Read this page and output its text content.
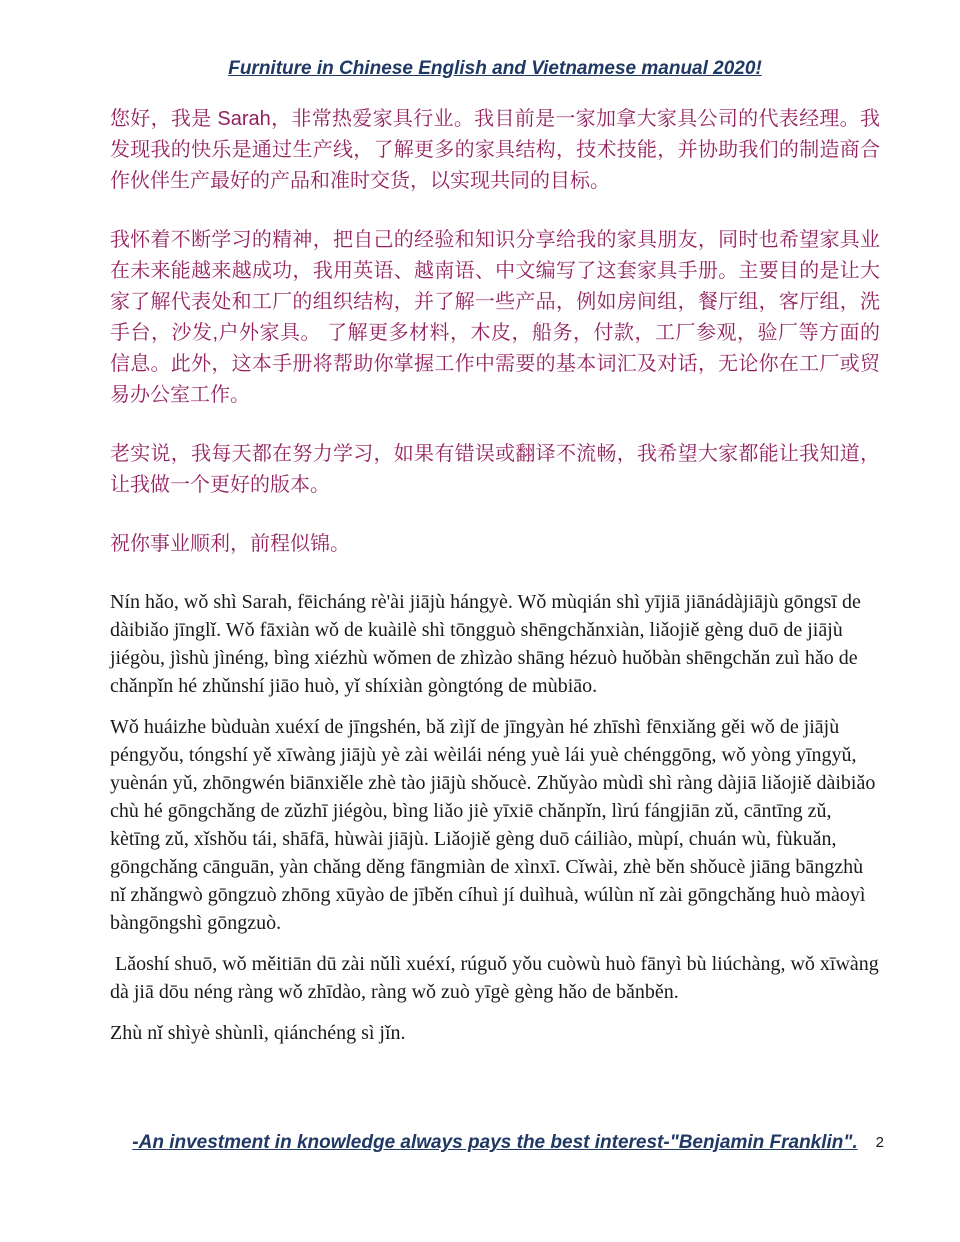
Furniture in Chinese English and Vietnamese manual 2020!

您好，我是 Sarah，非常热爱家具行业。我目前是一家加拿大家具公司的代表经理。我发现我的快乐是通过生产线，了解更多的家具结构，技术技能，并协助我们的制造商合作伙伴生产最好的产品和准时交货，以实现共同的目标。

我怀着不断学习的精神，把自己的经验和知识分享给我的家具朋友，同时也希望家具业在未来能越来越成功，我用英语、越南语、中文编写了这套家具手册。主要目的是让大家了解代表处和工厂的组织结构，并了解一些产品，例如房间组，餐厅组，客厅组，洗手台，沙发,户外家具。 了解更多材料，木皮，船务，付款，工厂参观，验厂等方面的信息。此外，这本手册将帮助你掌握工作中需要的基本词汇及对话，无论你在工厂或贸易办公室工作。

老实说，我每天都在努力学习，如果有错误或翻译不流畅，我希望大家都能让我知道，让我做一个更好的版本。

祝你事业顺利，前程似锦。

Nín hǎo, wǒ shì Sarah, fēicháng rè'ài jiājù hángyè. Wǒ mùqián shì yījiā jiānádàjiājù gōngsī de dàibiǎo jīnglǐ. Wǒ fāxiàn wǒ de kuàilè shì tōngguò shēngchǎnxiàn, liǎojiě gèng duō de jiājù jiégòu, jìshù jìnéng, bìng xiézhù wǒmen de zhìzào shāng hézuò huǒbàn shēngchǎn zuì hǎo de chǎnpǐn hé zhǔnshí jiāo huò, yǐ shíxiàn gòngtóng de mùbiāo.

Wǒ huáizhe bùduàn xuéxí de jīngshén, bǎ zìjǐ de jīngyàn hé zhīshì fēnxiǎng gěi wǒ de jiājù péngyǒu, tóngshí yě xīwàng jiājù yè zài wèilái néng yuè lái yuè chénggōng, wǒ yòng yīngyǔ, yuènán yǔ, zhōngwén biānxiěle zhè tào jiājù shǒucè. Zhǔyào mùdì shì ràng dàjiā liǎojiě dàibiǎo chù hé gōngchǎng de zǔzhī jiégòu, bìng liǎo jiè yīxiē chǎnpǐn, lìrú fángjiān zǔ, cāntīng zǔ, kètīng zǔ, xǐshǒu tái, shāfā, hùwài jiājù. Liǎojiě gèng duō cáiliào, mùpí, chuán wù, fùkuǎn, gōngchǎng cānguān, yàn chǎng děng fāngmiàn de xìnxī. Cǐwài, zhè běn shǒucè jiāng bāngzhù nǐ zhǎngwò gōngzuò zhōng xūyào de jīběn cíhuì jí duìhuà, wúlùn nǐ zài gōngchǎng huò màoyì bàngōngshì gōngzuò.

Lǎoshí shuō, wǒ měitiān dū zài nǔlì xuéxí, rúguǒ yǒu cuòwù huò fānyì bù liúchàng, wǒ xīwàng dà jiā dōu néng ràng wǒ zhīdào, ràng wǒ zuò yīgè gèng hǎo de bǎnběn.

Zhù nǐ shìyè shùnlì, qiánchéng sì jǐn.

-An investment in knowledge always pays the best interest-"Benjamin Franklin".	2
